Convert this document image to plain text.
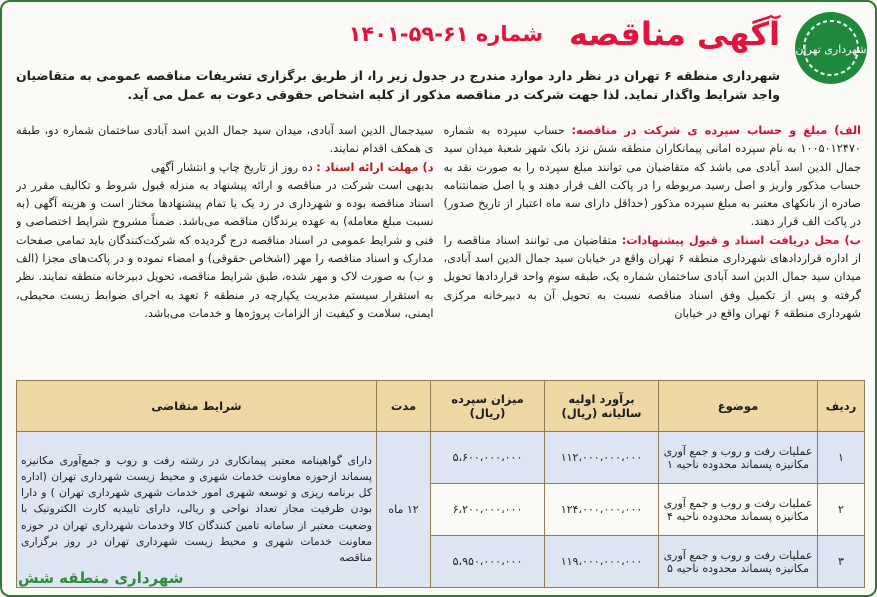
شهرداری تهران
آگهی مناقصه
شماره ۶۱-۵۹-۱۴۰۱
شهرداری منطقه ۶ تهران در نظر دارد موارد مندرج در جدول زیر را، از طریق برگزاری تشریفات مناقصه عمومی به متقاضیان واجد شرایط واگذار نماید. لذا جهت شرکت در مناقصه مذکور از کلیه اشخاص حقوقی دعوت به عمل می آید.
الف) مبلغ و حساب سپرده ی شرکت در مناقصه: حساب سپرده به شماره ۱۰۰۵۰۱۲۴۷۰ به نام سپرده امانی پیمانکاران منطقه شش نزد بانک شهر شعبهٔ میدان سید جمال الدین اسد آبادی می باشد که متقاضیان می توانند مبلغ سپرده را به صورت نقد به حساب مذکور واریز و اصل رسید مربوطه را در پاکت الف قرار دهند و یا اصل ضمانتنامه صادره از بانکهای معتبر به مبلغ سپرده مذکور (حداقل دارای سه ماه اعتبار از تاریخ صدور) در پاکت الف قرار دهند.
ب) محل دریافت اسناد و قبول پیشنهادات: متقاضیان می توانند اسناد مناقصه را از اداره قراردادهای شهرداری منطقه ۶ تهران واقع در خیابان سید جمال الدین اسد آبادی، میدان سید جمال الدین اسد آبادی ساختمان شماره یک، طبقه سوم واحد قراردادها تحویل گرفته و پس از تکمیل وفق اسناد مناقصه نسبت به تحویل آن به دبیرخانه مرکزی شهرداری منطقه ۶ تهران واقع در خیابان
سیدجمال الدین اسد آبادی، میدان سید جمال الدین اسد آبادی ساختمان شماره دو، طبقه ی همکف اقدام نمایند.
د) مهلت ارائه اسناد : ده روز از تاریخ چاپ و انتشار آگهی
بدیهی است شرکت در مناقصه و ارائه پیشنهاد به منزله قبول شروط و تکالیف مقرر در اسناد مناقصه بوده و شهرداری در رد یک یا تمام پیشنهادها مختار است و هزینه آگهی (به نسبت مبلغ معامله) به عهده برندگان مناقصه می‌باشد. ضمناً مشروح شرایط اختصاصی و فنی و شرایط عمومی در اسناد مناقصه درج گردیده که شرکت‌کنندگان باید تمامی صفحات مدارک و اسناد مناقصه را مهر (اشخاص حقوقی) و امضاء نموده و در پاکت‌های مجزا (الف و ب) به صورت لاک و مهر شده، طبق شرایط مناقصه، تحویل دبیرخانه منطقه نمایند. نظر به استقرار سیستم مدیریت یکپارچه در منطقه ۶ تعهد به اجرای ضوابط زیست محیطی، ایمنی، سلامت و کیفیت از الزامات پروژه‌ها و خدمات می‌باشد.
ردیف	موضوع	برآورد اولیه سالیانه (ریال)	میزان سپرده (ریال)	مدت	شرایط متقاضی
۱	عملیات رفت و روب و جمع آوری مکانیزه پسماند محدوده ناحیه ۱	۱۱۲،۰۰۰،۰۰۰،۰۰۰	۵،۶۰۰،۰۰۰،۰۰۰	۱۲ ماه	دارای گواهینامه معتبر پیمانکاری در رشته رفت و روب و جمع‌آوری مکانیزه پسماند ازحوزه معاونت خدمات شهری و محیط زیست شهرداری تهران (اداره کل برنامه ریزی و توسعه شهری امور خدمات شهری شهرداری تهران ) و دارا بودن ظرفیت مجاز تعداد نواحی و ریالی، دارای تاییدیه کارت الکترونیک با وضعیت معتبر از سامانه تامین کنندگان کالا وخدمات شهرداری تهران در حوزه معاونت خدمات شهری و محیط زیست شهرداری تهران در روز برگزاری مناقصه
۲	عملیات رفت و روب و جمع آوری مکانیزه پسماند محدوده ناحیه ۴	۱۲۴،۰۰۰،۰۰۰،۰۰۰	۶،۲۰۰،۰۰۰،۰۰۰		
۳	عملیات رفت و روب و جمع آوری مکانیزه پسماند محدوده ناحیه ۵	۱۱۹،۰۰۰،۰۰۰،۰۰۰	۵،۹۵۰،۰۰۰،۰۰۰		
شهرداری منطقه شش
